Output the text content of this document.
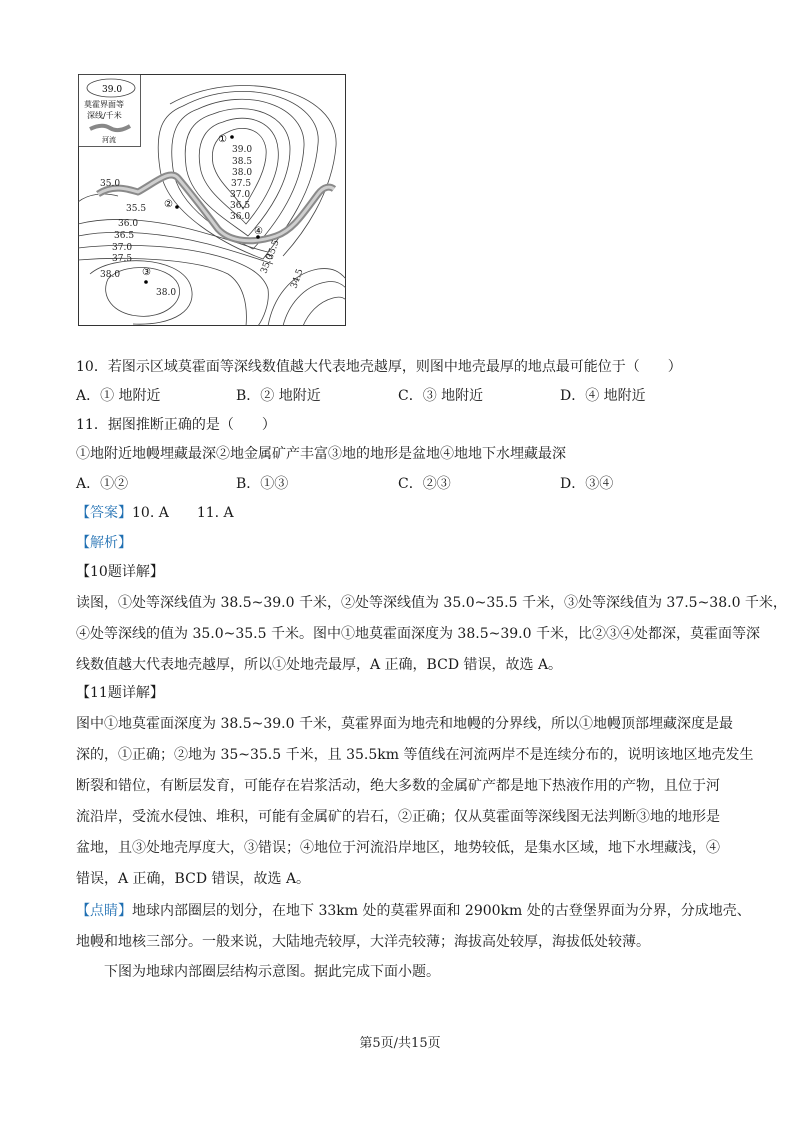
39.0
莫霍界面等
深线/千米
河流
39.0
38.5
38.0
37.5
37.0
36.5
36.0
35.0
35.5
36.0
36.5
37.0
37.5
38.0
38.0
35.5
35.0
34.5
①
②
③
④
10．若图示区域莫霍面等深线数值越大代表地壳越厚，则图中地壳最厚的地点最可能位于（　　）
A．① 地附近	B．② 地附近	C．③ 地附近	D．④ 地附近
11．据图推断正确的是（　　）
①地附近地幔埋藏最深②地金属矿产丰富③地的地形是盆地④地地下水埋藏最深
A．①②	B．①③	C．②③	D．③④
【答案】10. A　　11. A
【解析】
【10题详解】
读图，①处等深线值为 38.5~39.0 千米，②处等深线值为 35.0~35.5 千米，③处等深线值为 37.5~38.0 千米，
④处等深线的值为 35.0~35.5 千米。图中①地莫霍面深度为 38.5~39.0 千米，比②③④处都深，莫霍面等深
线数值越大代表地壳越厚，所以①处地壳最厚，A 正确，BCD 错误，故选 A。
【11题详解】
图中①地莫霍面深度为 38.5~39.0 千米，莫霍界面为地壳和地幔的分界线，所以①地幔顶部埋藏深度是最
深的，①正确；②地为 35~35.5 千米，且 35.5km 等值线在河流两岸不是连续分布的，说明该地区地壳发生
断裂和错位，有断层发育，可能存在岩浆活动，绝大多数的金属矿产都是地下热液作用的产物，且位于河
流沿岸，受流水侵蚀、堆积，可能有金属矿的岩石，②正确；仅从莫霍面等深线图无法判断③地的地形是
盆地，且③处地壳厚度大，③错误；④地位于河流沿岸地区，地势较低，是集水区域，地下水埋藏浅，④
错误，A 正确，BCD 错误，故选 A。
【点睛】地球内部圈层的划分，在地下 33km 处的莫霍界面和 2900km 处的古登堡界面为分界，分成地壳、
地幔和地核三部分。一般来说，大陆地壳较厚，大洋壳较薄；海拔高处较厚，海拔低处较薄。
下图为地球内部圈层结构示意图。据此完成下面小题。
第5页/共15页
